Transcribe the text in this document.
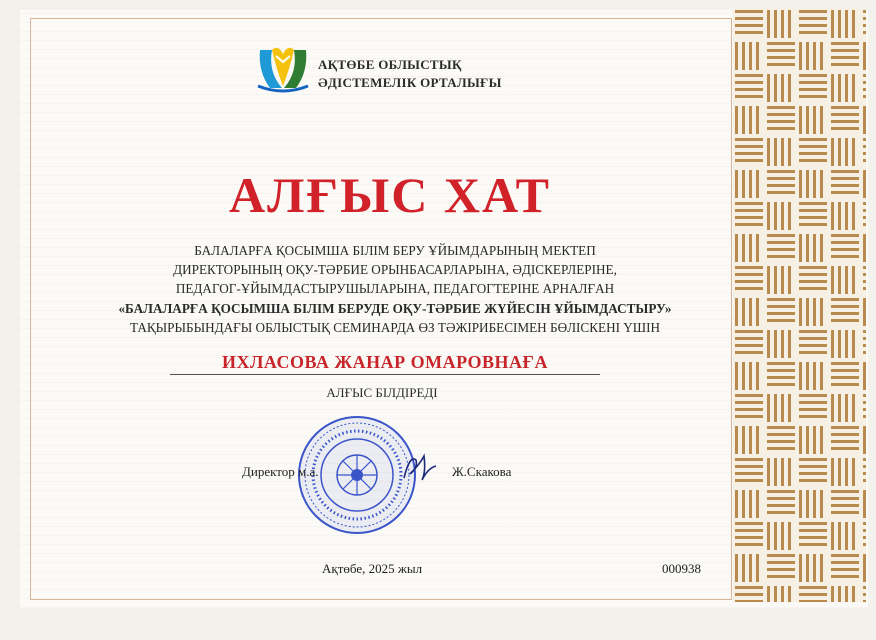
АҚТӨБЕ ОБЛЫСТЫҚ
ӘДІСТЕМЕЛІК ОРТАЛЫҒЫ
АЛҒЫС ХАТ
БАЛАЛАРҒА ҚОСЫМША БІЛІМ БЕРУ ҰЙЫМДАРЫНЫҢ МЕКТЕП
ДИРЕКТОРЫНЫҢ ОҚУ-ТӘРБИЕ ОРЫНБАСАРЛАРЫНА, ӘДІСКЕРЛЕРІНЕ,
ПЕДАГОГ-ҰЙЫМДАСТЫРУШЫЛАРЫНА, ПЕДАГОГТЕРІНЕ АРНАЛҒАН
«БАЛАЛАРҒА ҚОСЫМША БІЛІМ БЕРУДЕ ОҚУ-ТӘРБИЕ ЖҮЙЕСІН ҰЙЫМДАСТЫРУ»
ТАҚЫРЫБЫНДАҒЫ ОБЛЫСТЫҚ СЕМИНАРДА ӨЗ ТӘЖІРИБЕСІМЕН БӨЛІСКЕНІ ҮШІН
ИХЛАСОВА ЖАНАР ОМАРОВНАҒА
АЛҒЫС БІЛДІРЕДІ
Директор м.а.	Ж.Скакова
Ақтөбе, 2025 жыл	000938
